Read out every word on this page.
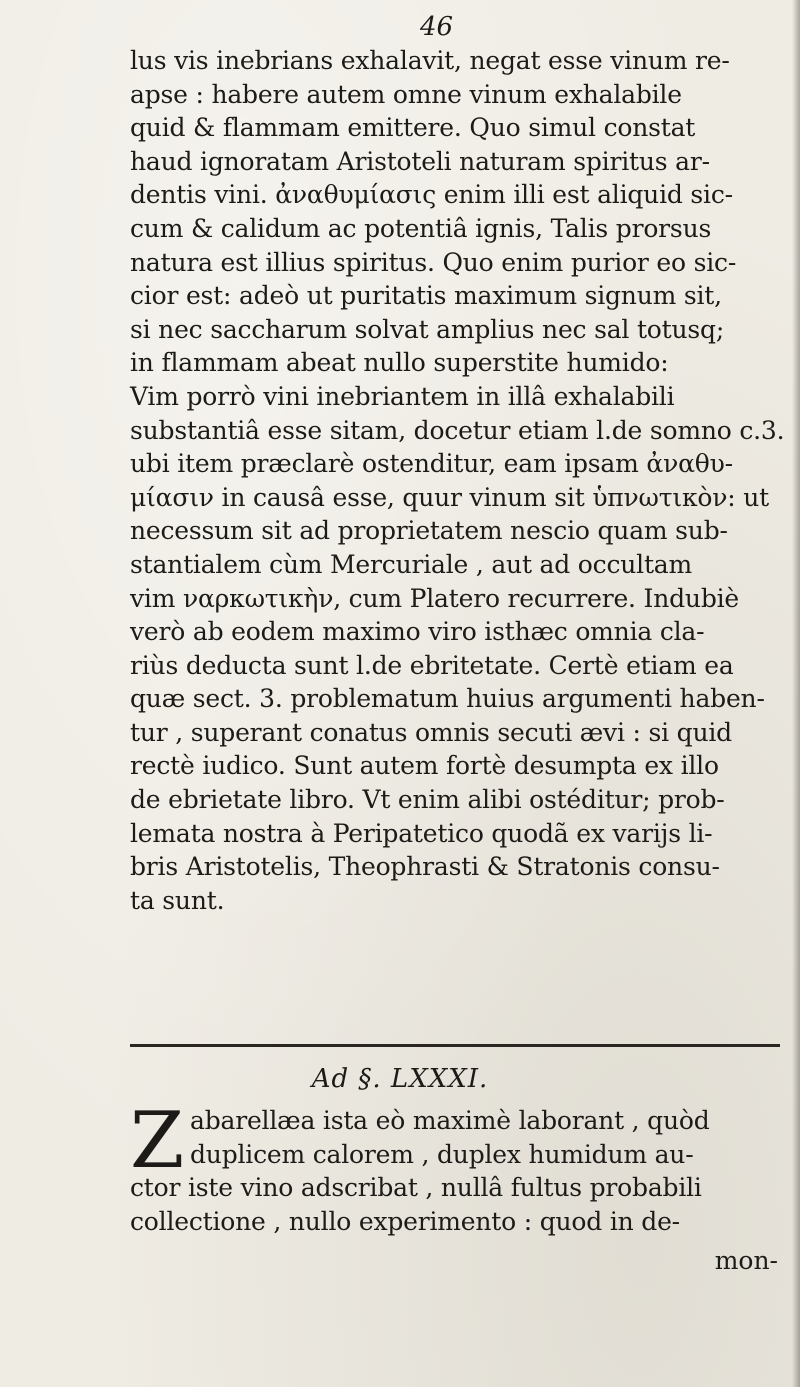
46
lus vis inebrians exhalavit, negat esse vinum re-
apse : habere autem omne vinum exhalabile
quid & flammam emittere. Quo simul constat
haud ignoratam Aristoteli naturam spiritus ar-
dentis vini. ἀναθυμίασις enim illi est aliquid sic-
cum & calidum ac potentiâ ignis, Talis prorsus
natura est illius spiritus. Quo enim purior eo sic-
cior est: adeò ut puritatis maximum signum sit,
si nec saccharum solvat amplius nec sal totusq;
in flammam abeat nullo superstite humido:
Vim porrò vini inebriantem in illâ exhalabili
substantiâ esse sitam, docetur etiam l.de somno c.3.
ubi item præclarè ostenditur, eam ipsam ἀναθυ-
μίασιν in causâ esse, quur vinum sit ὑπνωτικὸν: ut
necessum sit ad proprietatem nescio quam sub-
stantialem cùm Mercuriale , aut ad occultam
vim ναρκωτικὴν, cum Platero recurrere. Indubiè
verò ab eodem maximo viro isthæc omnia cla-
riùs deducta sunt l.de ebritetate. Certè etiam ea
quæ sect. 3. problematum huius argumenti haben-
tur , superant conatus omnis secuti ævi : si quid
rectè iudico. Sunt autem fortè desumpta ex illo
de ebrietate libro. Vt enim alibi ostéditur; prob-
lemata nostra à Peripatetico quodã ex varijs li-
bris Aristotelis, Theophrasti & Stratonis consu-
ta sunt.
Ad §. LXXXI.
Z abarellæa ista eò maximè laborant , quòd
duplicem calorem , duplex humidum au-
ctor iste vino adscribat , nullâ fultus probabili
collectione , nullo experimento : quod in de-
mon-
